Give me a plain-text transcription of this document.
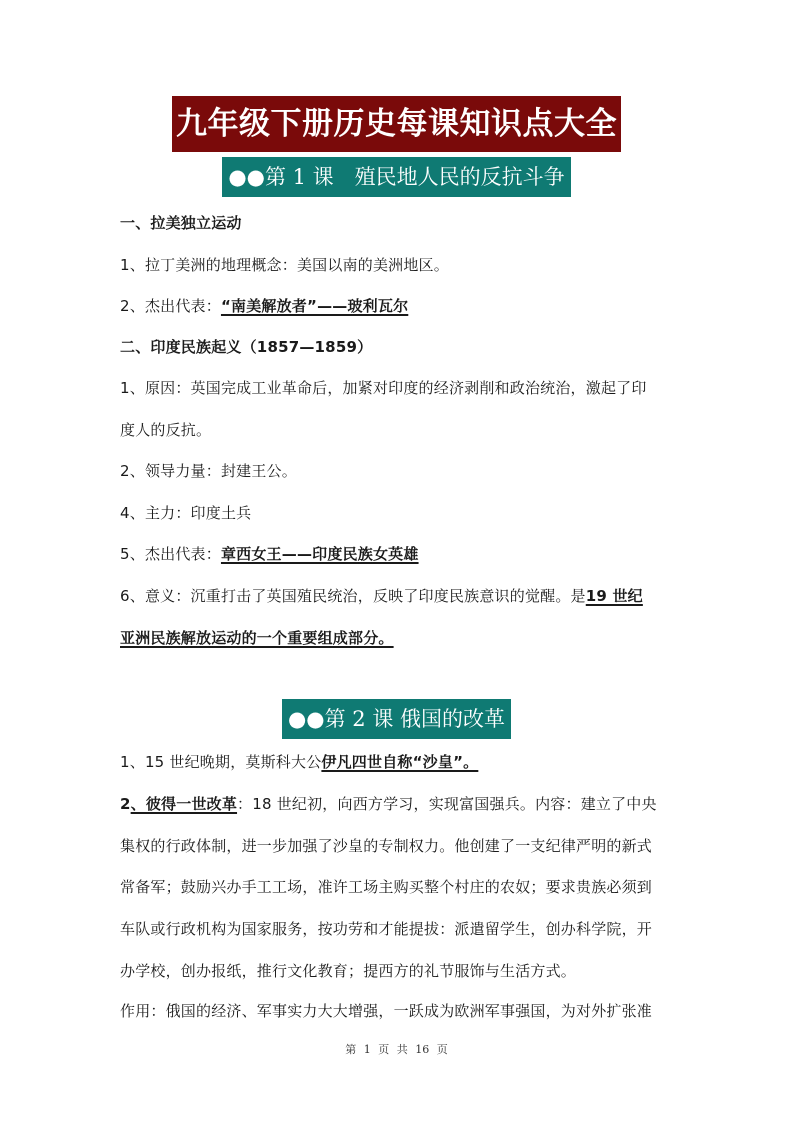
九年级下册历史每课知识点大全
●●第 1 课　殖民地人民的反抗斗争
一、拉美独立运动
1、拉丁美洲的地理概念：美国以南的美洲地区。
2、杰出代表：“南美解放者”——玻利瓦尔
二、印度民族起义（1857—1859）
1、原因：英国完成工业革命后，加紧对印度的经济剥削和政治统治，激起了印
度人的反抗。
2、领导力量：封建王公。
4、主力：印度土兵
5、杰出代表：章西女王——印度民族女英雄
6、意义：沉重打击了英国殖民统治，反映了印度民族意识的觉醒。是19 世纪
亚洲民族解放运动的一个重要组成部分。
●●第 2 课 俄国的改革
1、15 世纪晚期，莫斯科大公伊凡四世自称“沙皇”。
2、彼得一世改革：18 世纪初，向西方学习，实现富国强兵。内容：建立了中央
集权的行政体制，进一步加强了沙皇的专制权力。他创建了一支纪律严明的新式
常备军；鼓励兴办手工工场，准许工场主购买整个村庄的农奴；要求贵族必须到
车队或行政机构为国家服务，按功劳和才能提拔：派遣留学生，创办科学院，开
办学校，创办报纸，推行文化教育；提西方的礼节服饰与生活方式。
作用：俄国的经济、军事实力大大增强，一跃成为欧洲军事强国，为对外扩张准
第 1 页 共 16 页
